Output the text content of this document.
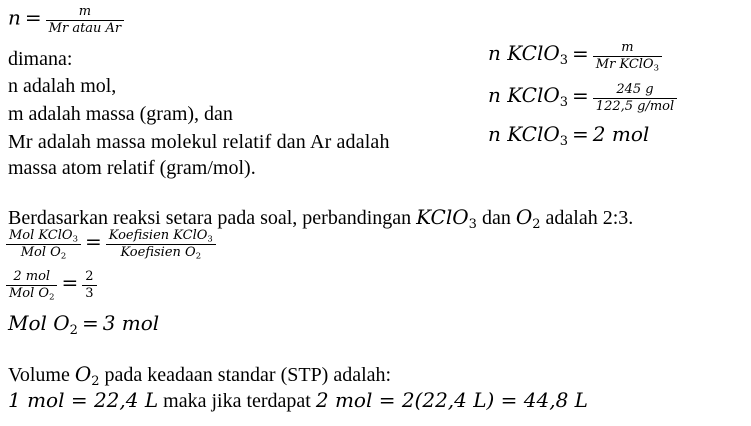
$n = \frac{m}{\text{Mr atau Ar}}$
dimana:
n adalah mol,
m adalah massa (gram), dan
Mr adalah massa molekul relatif dan Ar adalah
massa atom relatif (gram/mol).
n KClO$_3$ = $\frac{m}{Mr KClO_3}$
n KClO$_3$ = $\frac{245 g}{\text{122,5 g/mol}}$
n KClO$_3$ = 2 mol
Berdasarkan reaksi setara pada soal, perbandingan KClO$_3$ dan $O_2$ adalah 2:3.
$\frac{Mol KClO_3}{Mol O_2} = \frac{Koefisien KClO_3}{Koefisien O_2}$
$\frac{\text{2 mol}}{Mol O_2} = \frac{2}{3}$
Mol $O_2 = 3$ mol
Volume $O_2$ pada keadaan standar (STP) adalah:
1 mol = 22,4 L maka jika terdapat 2 mol = 2(22,4 L) = 44,8 L
